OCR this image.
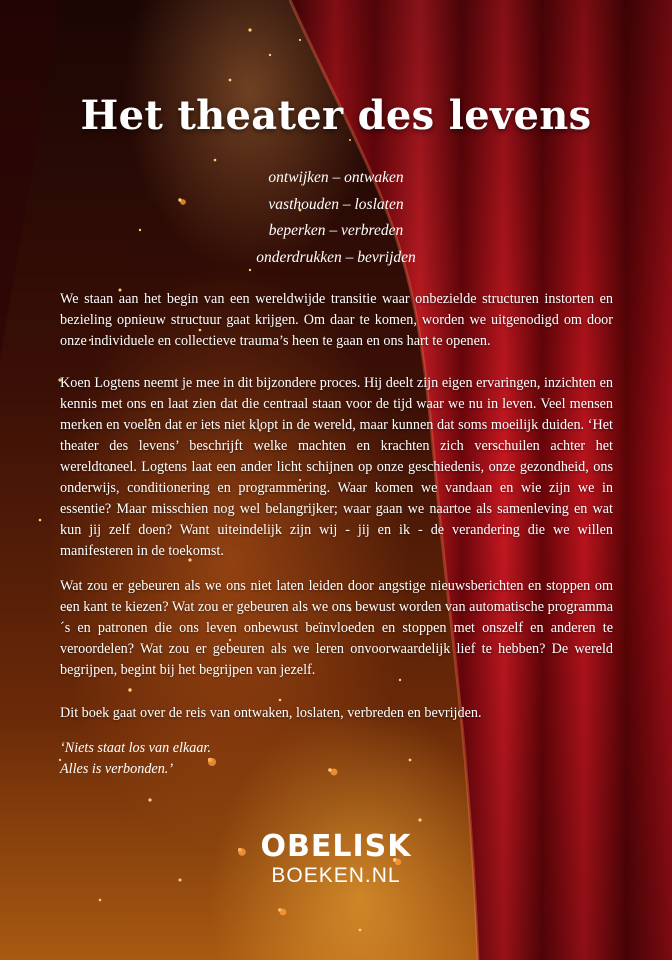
Het theater des levens
ontwijken – ontwaken
vasthouden – loslaten
beperken – verbreden
onderdrukken – bevrijden
We staan aan het begin van een wereldwijde transitie waar onbezielde structuren instorten en bezieling opnieuw structuur gaat krijgen. Om daar te komen, worden we uitgenodigd om door onze individuele en collectieve trauma’s heen te gaan en ons hart te openen.
Koen Logtens neemt je mee in dit bijzondere proces. Hij deelt zijn eigen ervaringen, inzichten en kennis met ons en laat zien dat die centraal staan voor de tijd waar we nu in leven. Veel mensen merken en voelen dat er iets niet klopt in de wereld, maar kunnen dat soms moeilijk duiden. ‘Het theater des levens’ beschrijft welke machten en krachten zich verschuilen achter het wereldtoneel. Logtens laat een ander licht schijnen op onze geschiedenis, onze gezondheid, ons onderwijs, conditionering en programmering. Waar komen we vandaan en wie zijn we in essentie? Maar misschien nog wel belangrijker; waar gaan we naartoe als samenleving en wat kun jij zelf doen? Want uiteindelijk zijn wij - jij en ik - de verandering die we willen manifesteren in de toekomst.
Wat zou er gebeuren als we ons niet laten leiden door angstige nieuwsberichten en stoppen om een kant te kiezen? Wat zou er gebeuren als we ons bewust worden van automatische programma´s en patronen die ons leven onbewust beïnvloeden en stoppen met onszelf en anderen te veroordelen? Wat zou er gebeuren als we leren onvoorwaardelijk lief te hebben? De wereld begrijpen, begint bij het begrijpen van jezelf.
Dit boek gaat over de reis van ontwaken, loslaten, verbreden en bevrijden.
‘Niets staat los van elkaar.
Alles is verbonden.’
OBELISK
BOEKEN.NL
